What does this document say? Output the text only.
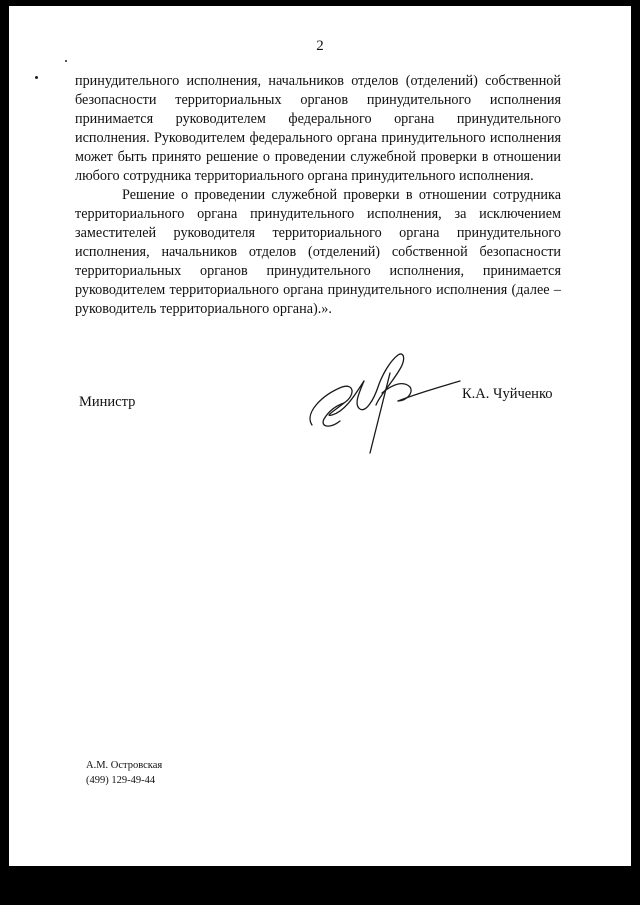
2

принудительного исполнения, начальников отделов (отделений) собственной безопасности территориальных органов принудительного исполнения принимается руководителем федерального органа принудительного исполнения. Руководителем федерального органа принудительного исполнения может быть принято решение о проведении служебной проверки в отношении любого сотрудника территориального органа принудительного исполнения.

Решение о проведении служебной проверки в отношении сотрудника территориального органа принудительного исполнения, за исключением заместителей руководителя территориального органа принудительного исполнения, начальников отделов (отделений) собственной безопасности территориальных органов принудительного исполнения, принимается руководителем территориального органа принудительного исполнения (далее – руководитель территориального органа).».

Министр	К.А. Чуйченко
А.М. Островская
(499) 129-49-44
